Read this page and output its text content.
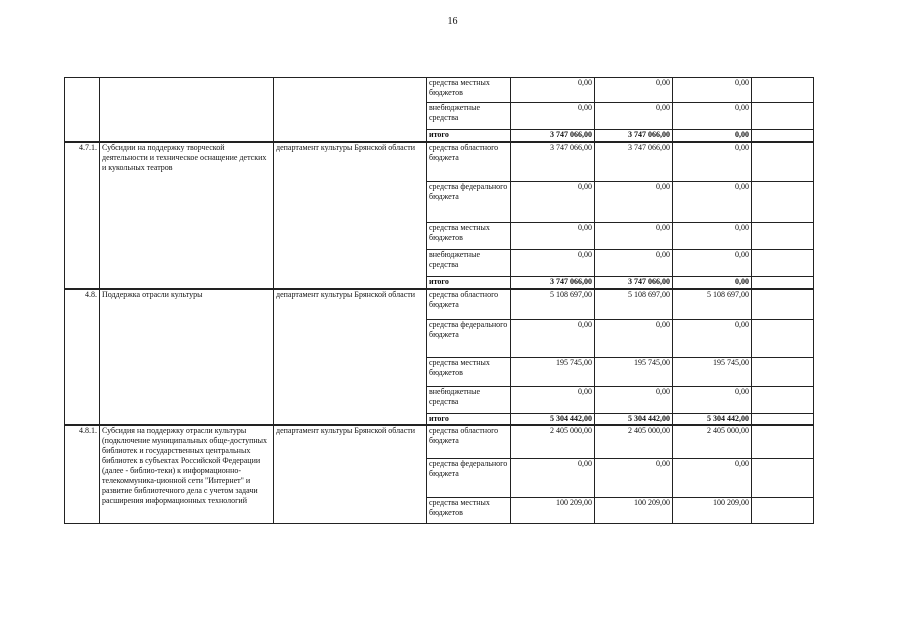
16
			средства местных бюджетов	0,00	0,00	0,00	
			внебюджетные средства	0,00	0,00	0,00	
			итого	3 747 066,00	3 747 066,00	0,00	
4.7.1.	Субсидии на поддержку творческой деятельности и техническое оснащение детских и кукольных театров	департамент культуры Брянской области	средства областного бюджета	3 747 066,00	3 747 066,00	0,00	
			средства федерального бюджета	0,00	0,00	0,00	
			средства местных бюджетов	0,00	0,00	0,00	
			внебюджетные средства	0,00	0,00	0,00	
			итого	3 747 066,00	3 747 066,00	0,00	
4.8.	Поддержка отрасли культуры	департамент культуры Брянской области	средства областного бюджета	5 108 697,00	5 108 697,00	5 108 697,00	
			средства федерального бюджета	0,00	0,00	0,00	
			средства местных бюджетов	195 745,00	195 745,00	195 745,00	
			внебюджетные средства	0,00	0,00	0,00	
			итого	5 304 442,00	5 304 442,00	5 304 442,00	
4.8.1.	Субсидия на поддержку отрасли культуры (подключение муниципальных обще-доступных библиотек и государственных центральных библиотек в субъектах Российской Федерации (далее - библио-теки) к информационно-телекоммуника-ционной сети "Интернет" и развитие библиотечного дела с учетом задачи расширения информационных технологий	департамент культуры Брянской области	средства областного бюджета	2 405 000,00	2 405 000,00	2 405 000,00	
			средства федерального бюджета	0,00	0,00	0,00	
			средства местных бюджетов	100 209,00	100 209,00	100 209,00	
